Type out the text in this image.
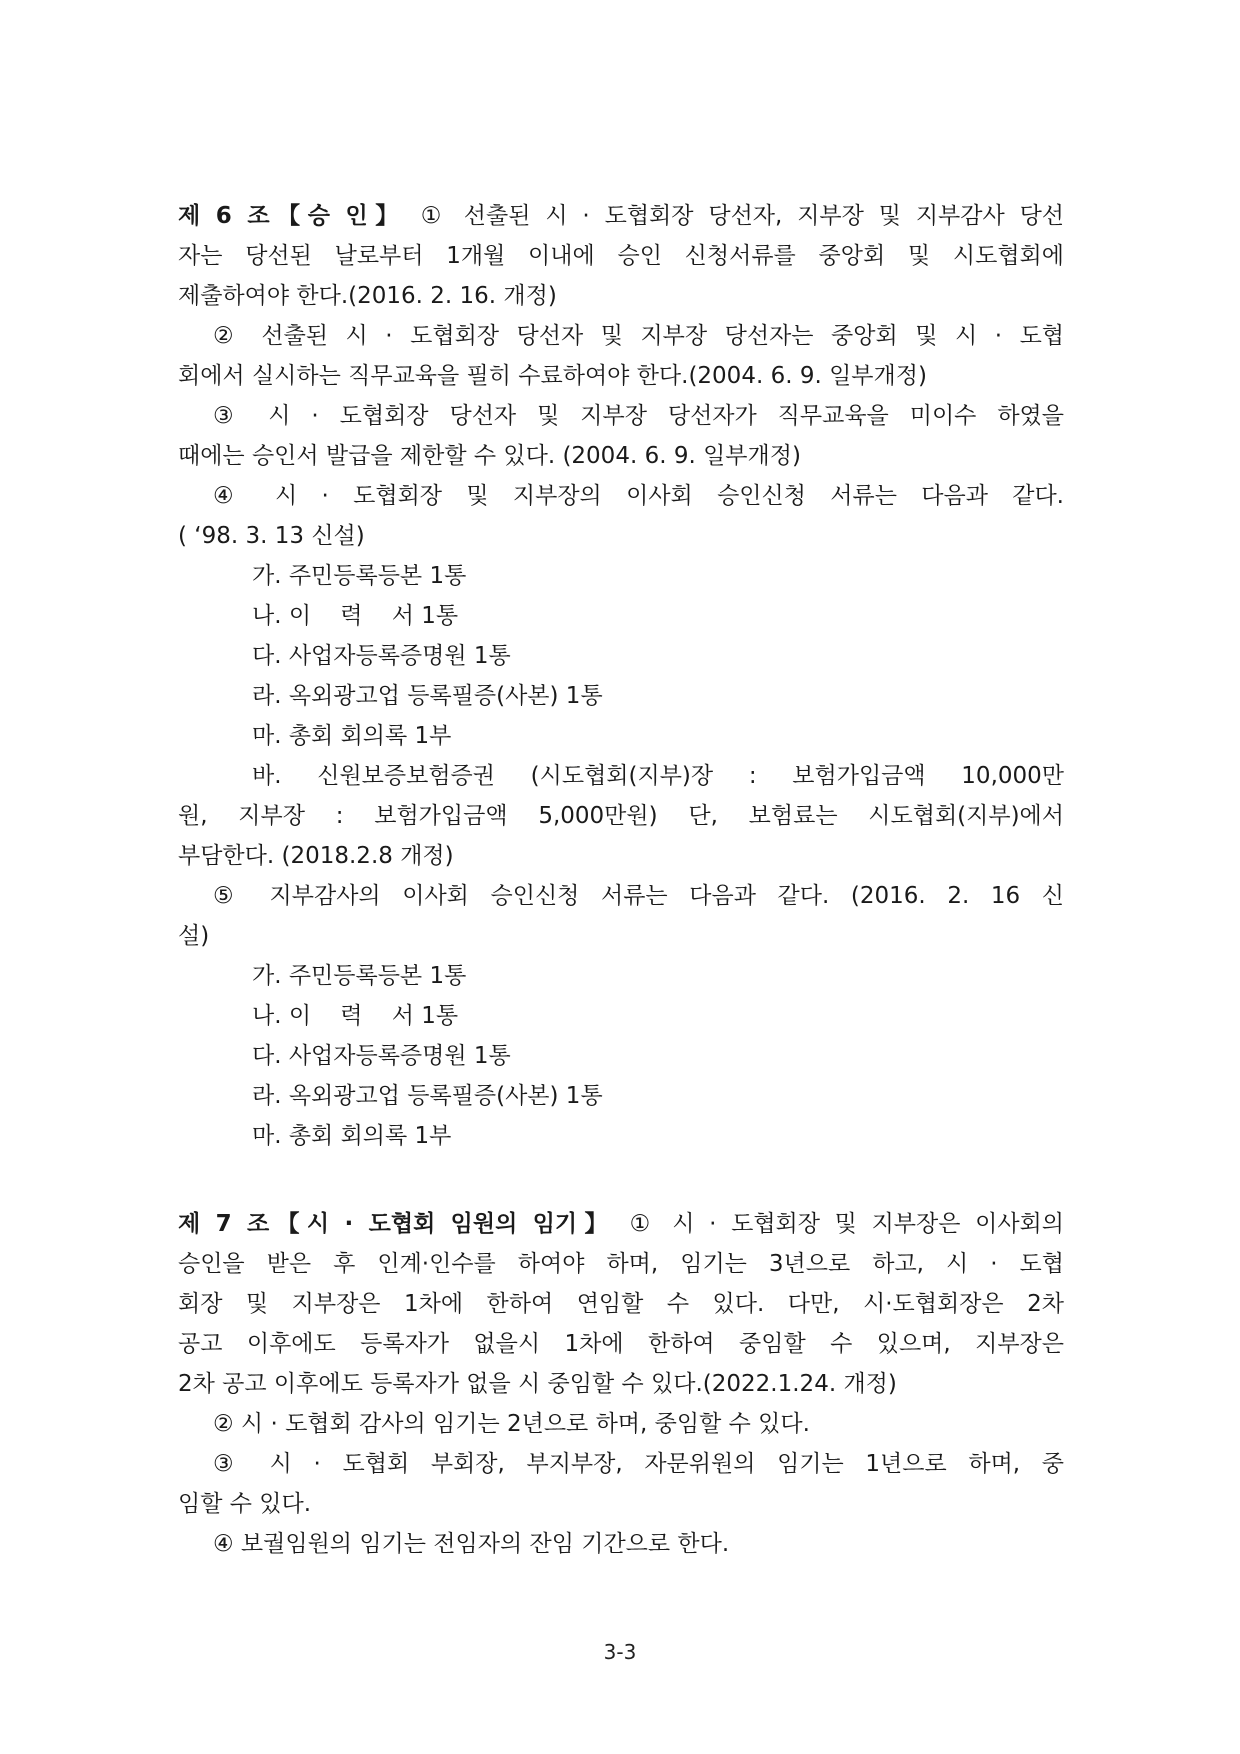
제 6 조【승 인】 ① 선출된 시 · 도협회장 당선자, 지부장 및 지부감사 당선
자는 당선된 날로부터 1개월 이내에 승인 신청서류를 중앙회 및 시도협회에
제출하여야 한다.(2016. 2. 16. 개정)
② 선출된 시 · 도협회장 당선자 및 지부장 당선자는 중앙회 및 시 · 도협
회에서 실시하는 직무교육을 필히 수료하여야 한다.(2004. 6. 9. 일부개정)
③ 시 · 도협회장 당선자 및 지부장 당선자가 직무교육을 미이수 하였을
때에는 승인서 발급을 제한할 수 있다. (2004. 6. 9. 일부개정)
④ 시 · 도협회장 및 지부장의 이사회 승인신청 서류는 다음과 같다.
( ‘98. 3. 13 신설)
가. 주민등록등본 1통
나. 이    력    서 1통
다. 사업자등록증명원 1통
라. 옥외광고업 등록필증(사본) 1통
마. 총회 회의록 1부
바. 신원보증보험증권 (시도협회(지부)장 : 보험가입금액 10,000만
원, 지부장 : 보험가입금액 5,000만원) 단, 보험료는 시도협회(지부)에서
부담한다. (2018.2.8 개정)
⑤ 지부감사의 이사회 승인신청 서류는 다음과 같다. (2016. 2. 16 신
설)
가. 주민등록등본 1통
나. 이    력    서 1통
다. 사업자등록증명원 1통
라. 옥외광고업 등록필증(사본) 1통
마. 총회 회의록 1부
제 7 조【시 · 도협회 임원의 임기】 ① 시 · 도협회장 및 지부장은 이사회의
승인을 받은 후 인계·인수를 하여야 하며, 임기는 3년으로 하고, 시 · 도협
회장 및 지부장은 1차에 한하여 연임할 수 있다. 다만, 시·도협회장은 2차
공고 이후에도 등록자가 없을시 1차에 한하여 중임할 수 있으며, 지부장은
2차 공고 이후에도 등록자가 없을 시 중임할 수 있다.(2022.1.24. 개정)
② 시 · 도협회 감사의 임기는 2년으로 하며, 중임할 수 있다.
③ 시 · 도협회 부회장, 부지부장, 자문위원의 임기는 1년으로 하며, 중
임할 수 있다.
④ 보궐임원의 임기는 전임자의 잔임 기간으로 한다.
3-3
